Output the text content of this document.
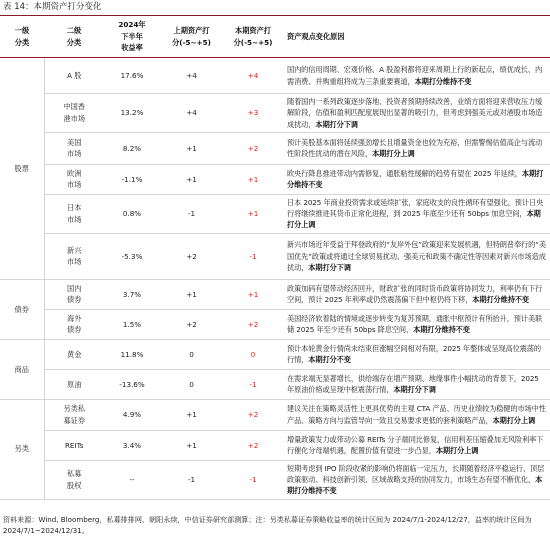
表 14：本期资产打分变化
一级
分类	二级
分类	2024年
下半年
收益率	上期资产打
分(-5~+5)	本期资产打
分(-5~+5)	资产观点变化原因
股票	A 股	17.6%	+4	+4	国内的信用周期、宏观价格、A 股盈利都将迎来周期上行的新起点，绩优成长、内需消费、并购重组将成为三条重要赛道，本期打分维持不变
	中国香
港市场	13.2%	+4	+3	随着国内一系列政策逐步落地、投资者预期持续改善，业绩方面将迎来营收压力缓解阶段，估值和盈利匹配度展现出显著的吸引力，但考虑到强美元或对港股市场造成扰动，本期打分下调
	美国
市场	8.2%	+1	+2	预计美股基本面将延续强劲增长且增量资金也较为充裕，但需警惕估值高企与流动性阶段性扰动的潜在风险，本期打分上调
	欧洲
市场	-1.1%	+1	+1	欧央行降息推进带动内需修复，通胀粘性缓解的趋势有望在 2025 年延续，本期打分维持不变
	日本
市场	0.8%	-1	+1	日本 2025 年商业投资需求或延续扩张，家庭收支的良性循环有望强化，预计日央行将继续推进其货币正常化进程，到 2025 年底至少还有 50bps 加息空间，本期打分上调
	新兴
市场	-5.3%	+2	-1	新兴市场近年受益于拜登政府的“友岸外包”政策迎来发展机遇，但特朗普奉行的“美国优先”政策或将通过全球贸易扰动、强美元和政策不确定性等因素对新兴市场造成扰动，本期打分下调
债券	国内
债券	3.7%	+1	+1	政策加码有望带动经济回升，财政扩张的同时货币政策将协同发力，利率仍有下行空间，预计 2025 年利率或仍然震荡偏下但中枢仍将下移，本期打分维持不变
	海外
债券	1.5%	+2	+2	美国经济软着陆的情境或逐步转变为复苏预期，通胀中枢预计有所抬升，预计美联储 2025 年至少还有 50bps 降息空间，本期打分维持不变
商品	黄金	11.8%	0	0	预计本轮黄金行情尚未结束但涨幅空间相对有限，2025 年整体或呈现高位震荡的行情，本期打分不变
	原油	-13.6%	0	-1	在需求端无显著增长、供给端存在增产预期、地缘事件小幅扰动的背景下，2025 年原油价格或呈现中枢震荡行情，本期打分下调
另类	另类私
募证券	4.9%	+1	+2	建议关注在策略灵活性上更具优势的主观 CTA 产品、历史业绩较为稳健的市场中性产品、策略方向与监管导向一致且交易要求更低的套利策略产品，本期打分上调
	REITs	3.4%	+1	+2	增量政策发力或带动公募 REITs 分子端同比修复，信用利差压缩叠加无风险利率下行催化分母端机遇，配置价值有望进一步凸显，本期打分上调
	私募
股权	--	-1	-1	短期考虑到 IPO 阶段收紧的影响仍将面临一定压力，长期随着经济平稳运行、顶层政策驱动、科技创新引领、区域战略支持的协同发力，市场生态有望不断优化，本期打分维持不变
资料来源：Wind, Bloomberg，私募排排网，朝阳永续，中信证券研究部测算；注：另类私募证券策略收益率的统计区间为 2024/7/1-2024/12/27，益率的统计区间为 2024/7/1~2024/12/31。
